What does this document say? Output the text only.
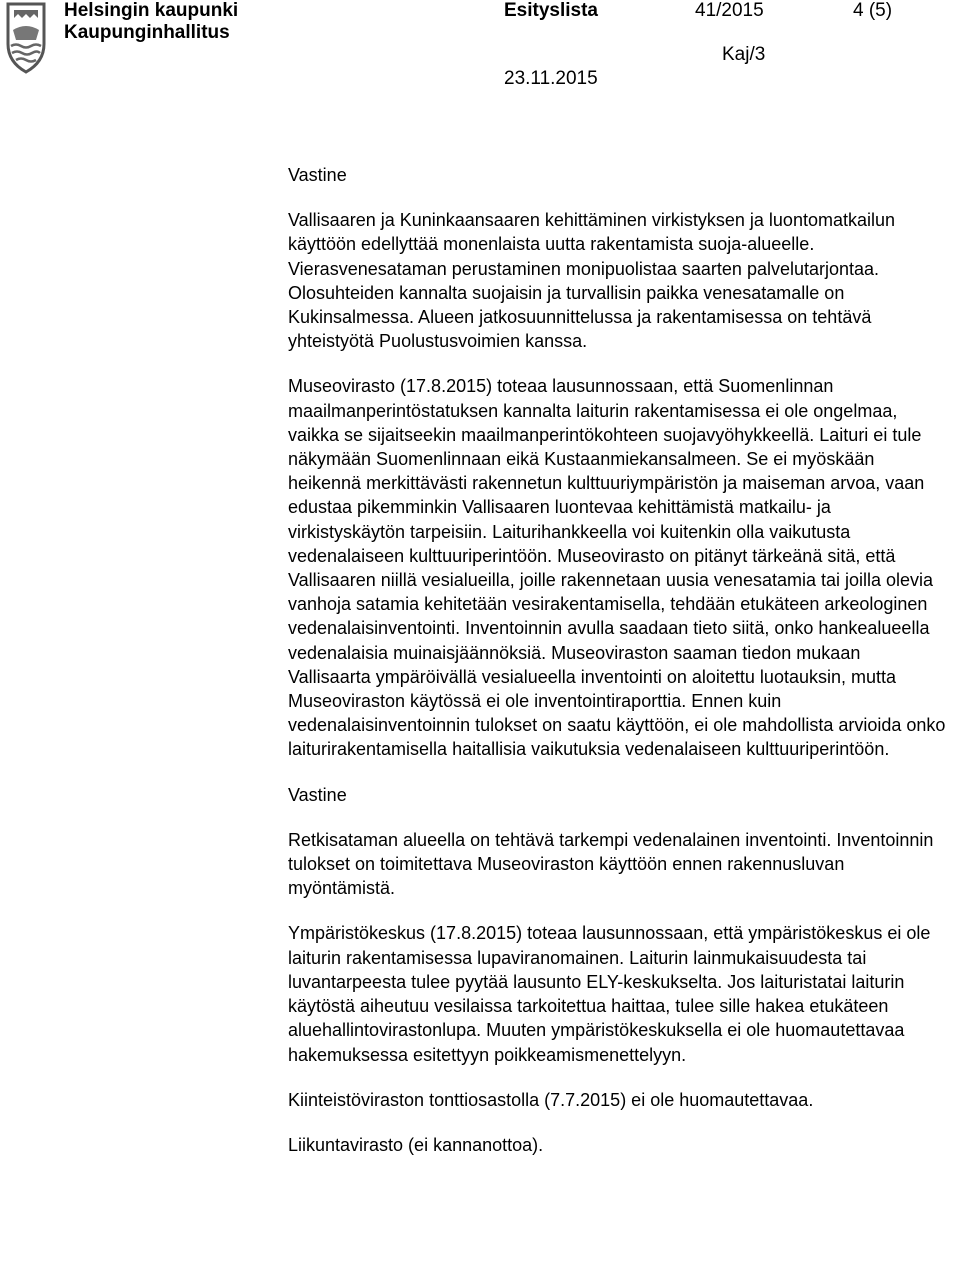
Helsingin kaupunki
Kaupunginhallitus
Esityslista	41/2015	4 (5)
Kaj/3
23.11.2015

Vastine

Vallisaaren ja Kuninkaansaaren kehittäminen virkistyksen ja luontomatkailun käyttöön edellyttää monenlaista uutta rakentamista suoja-alueelle. Vierasvenesataman perustaminen monipuolistaa saarten palvelutarjontaa. Olosuhteiden kannalta suojaisin ja turvallisin paikka venesatamalle on Kukinsalmessa. Alueen jatkosuunnittelussa ja rakentamisessa on tehtävä yhteistyötä Puolustusvoimien kanssa.

Museovirasto (17.8.2015) toteaa lausunnossaan, että Suomenlinnan maailmanperintöstatuksen kannalta laiturin rakentamisessa ei ole ongelmaa, vaikka se sijaitseekin maailmanperintökohteen suojavyöhykkeellä. Laituri ei tule näkymään Suomenlinnaan eikä Kustaanmiekansalmeen. Se ei myöskään heikennä merkittävästi rakennetun kulttuuriympäristön ja maiseman arvoa, vaan edustaa pikemminkin Vallisaaren luontevaa kehittämistä matkailu- ja virkistyskäytön tarpeisiin. Laiturihankkeella voi kuitenkin olla vaikutusta vedenalaiseen kulttuuriperintöön. Museovirasto on pitänyt tärkeänä sitä, että Vallisaaren niillä vesialueilla, joille rakennetaan uusia venesatamia tai joilla olevia vanhoja satamia kehitetään vesirakentamisella, tehdään etukäteen arkeologinen vedenalaisinventointi. Inventoinnin avulla saadaan tieto siitä, onko hankealueella vedenalaisia muinaisjäännöksiä. Museoviraston saaman tiedon mukaan Vallisaarta ympäröivällä vesialueella inventointi on aloitettu luotauksin, mutta Museoviraston käytössä ei ole inventointiraporttia. Ennen kuin vedenalaisinventoinnin tulokset on saatu käyttöön, ei ole mahdollista arvioida onko laiturirakentamisella haitallisia vaikutuksia vedenalaiseen kulttuuriperintöön.

Vastine

Retkisataman alueella on tehtävä tarkempi vedenalainen inventointi. Inventoinnin tulokset on toimitettava Museoviraston käyttöön ennen rakennusluvan myöntämistä.

Ympäristökeskus (17.8.2015) toteaa lausunnossaan, että ympäristökeskus ei ole laiturin rakentamisessa lupaviranomainen. Laiturin lainmukaisuudesta tai luvantarpeesta tulee pyytää lausunto ELY-keskukselta. Jos laituristatai laiturin käytöstä aiheutuu vesilaissa tarkoitettua haittaa, tulee sille hakea etukäteen aluehallintovirastonlupa. Muuten ympäristökeskuksella ei ole huomautettavaa hakemuksessa esitettyyn poikkeamismenettelyyn.

Kiinteistöviraston tonttiosastolla (7.7.2015) ei ole huomautettavaa.

Liikuntavirasto (ei kannanottoa).
